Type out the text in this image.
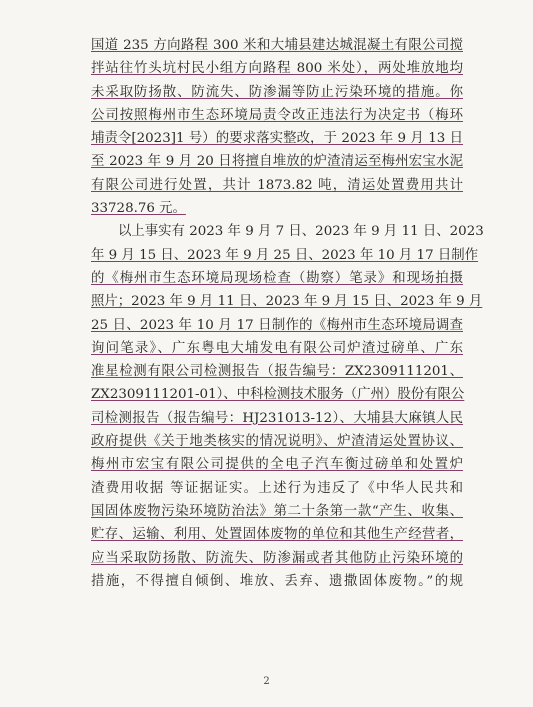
国道 235 方向路程 300 米和大埔县建达城混凝土有限公司搅
拌站往竹头坑村民小组方向路程 800 米处），两处堆放地均
未采取防扬散、防流失、防渗漏等防止污染环境的措施。你
公司按照梅州市生态环境局责令改正违法行为决定书（梅环
埔责令[2023]1 号）的要求落实整改，于 2023 年 9 月 13 日
至 2023 年 9 月 20 日将擅自堆放的炉渣清运至梅州宏宝水泥
有限公司进行处置，共计 1873.82 吨，清运处置费用共计
33728.76 元。
以上事实有 2023 年 9 月 7 日、2023 年 9 月 11 日、2023
年 9 月 15 日、2023 年 9 月 25 日、2023 年 10 月 17 日制作
的《梅州市生态环境局现场检查（勘察）笔录》和现场拍摄
照片；2023 年 9 月 11 日、2023 年 9 月 15 日、2023 年 9 月
25 日、2023 年 10 月 17 日制作的《梅州市生态环境局调查
询问笔录》、广东粤电大埔发电有限公司炉渣过磅单、广东
准星检测有限公司检测报告（报告编号：ZX2309111201、
ZX2309111201-01）、中科检测技术服务（广州）股份有限公
司检测报告（报告编号：HJ231013-12）、大埔县大麻镇人民
政府提供《关于地类核实的情况说明》、炉渣清运处置协议、
梅州市宏宝有限公司提供的全电子汽车衡过磅单和处置炉
渣费用收据 等证据证实。上述行为违反了《中华人民共和
国固体废物污染环境防治法》第二十条第一款“产生、收集、
贮存、运输、利用、处置固体废物的单位和其他生产经营者，
应当采取防扬散、防流失、防渗漏或者其他防止污染环境的
措施，不得擅自倾倒、堆放、丢弃、遗撒固体废物。”的规
2
